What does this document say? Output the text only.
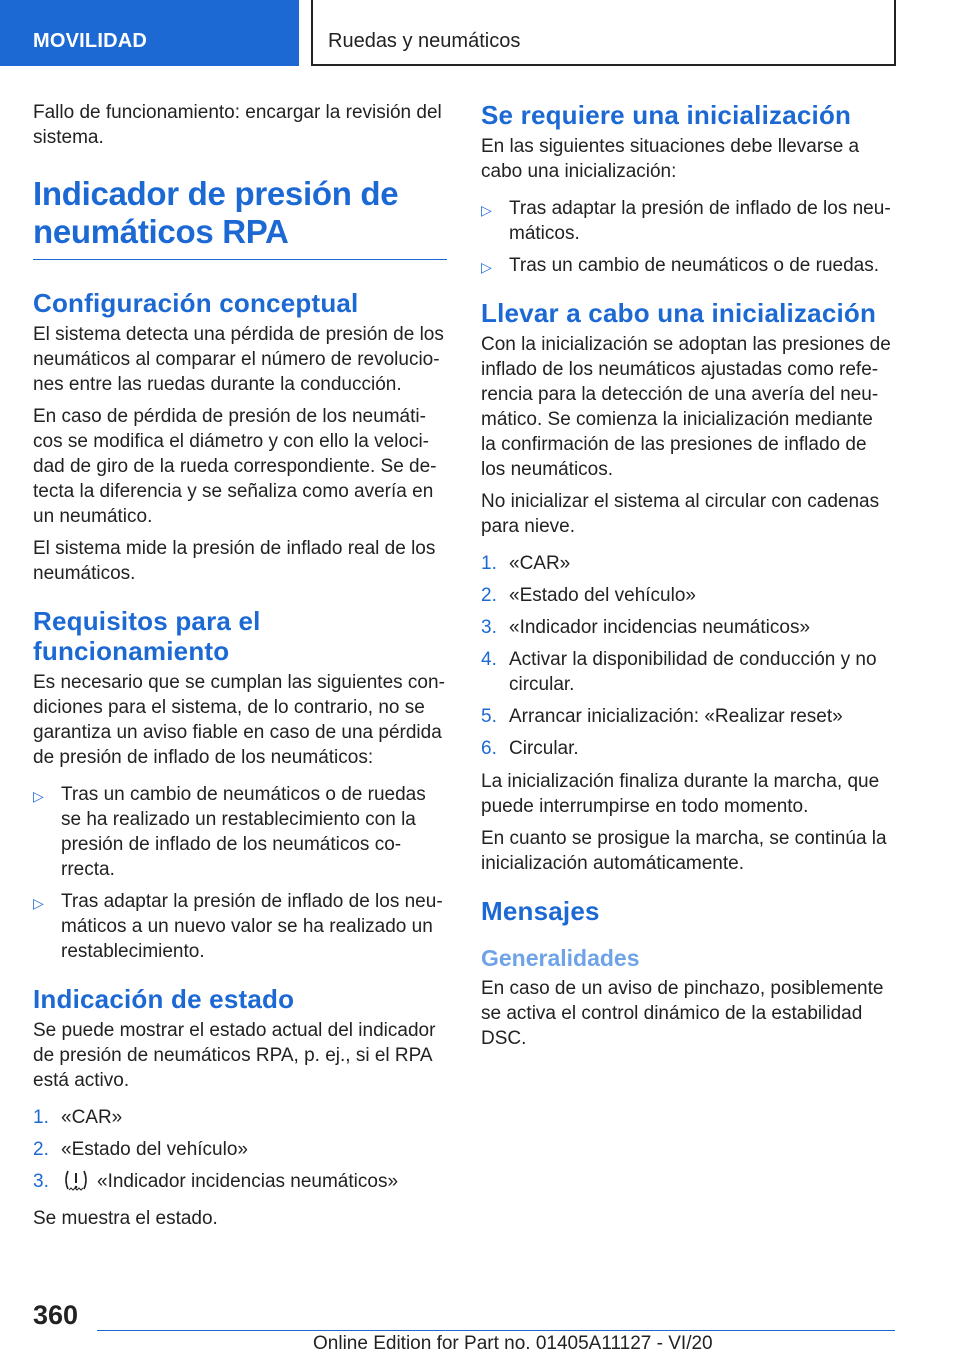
MOVILIDAD	Ruedas y neumáticos

Fallo de funcionamiento: encargar la revisión del sistema.

Indicador de presión de neumáticos RPA
Configuración conceptual

El sistema detecta una pérdida de presión de los neumáticos al comparar el número de revolucio-nes entre las ruedas durante la conducción.

En caso de pérdida de presión de los neumáti-cos se modifica el diámetro y con ello la veloci-dad de giro de la rueda correspondiente. Se de-tecta la diferencia y se señaliza como avería en un neumático.

El sistema mide la presión de inflado real de los neumáticos.

Requisitos para el funcionamiento

Es necesario que se cumplan las siguientes con-diciones para el sistema, de lo contrario, no se garantiza un aviso fiable en caso de una pérdida de presión de inflado de los neumáticos:

▷ Tras un cambio de neumáticos o de ruedas se ha realizado un restablecimiento con la presión de inflado de los neumáticos co-rrecta.
▷ Tras adaptar la presión de inflado de los neu-máticos a un nuevo valor se ha realizado un restablecimiento.
Indicación de estado

Se puede mostrar el estado actual del indicador de presión de neumáticos RPA, p. ej., si el RPA está activo.

1. «CAR»
2. «Estado del vehículo»
3.	«Indicador incidencias neumáticos»

Se muestra el estado.

Se requiere una inicialización

En las siguientes situaciones debe llevarse a cabo una inicialización:

▷ Tras adaptar la presión de inflado de los neu-máticos.
▷ Tras un cambio de neumáticos o de ruedas.
Llevar a cabo una inicialización

Con la inicialización se adoptan las presiones de inflado de los neumáticos ajustadas como refe-rencia para la detección de una avería del neu-mático. Se comienza la inicialización mediante la confirmación de las presiones de inflado de los neumáticos.

No inicializar el sistema al circular con cadenas para nieve.

1. «CAR»
2. «Estado del vehículo»
3. «Indicador incidencias neumáticos»
4. Activar la disponibilidad de conducción y no circular.
5. Arrancar inicialización: «Realizar reset»
6. Circular.

La inicialización finaliza durante la marcha, que puede interrumpirse en todo momento.

En cuanto se prosigue la marcha, se continúa la inicialización automáticamente.

Mensajes
Generalidades

En caso de un aviso de pinchazo, posiblemente se activa el control dinámico de la estabilidad DSC.

360
Online Edition for Part no. 01405A11127 - VI/20
